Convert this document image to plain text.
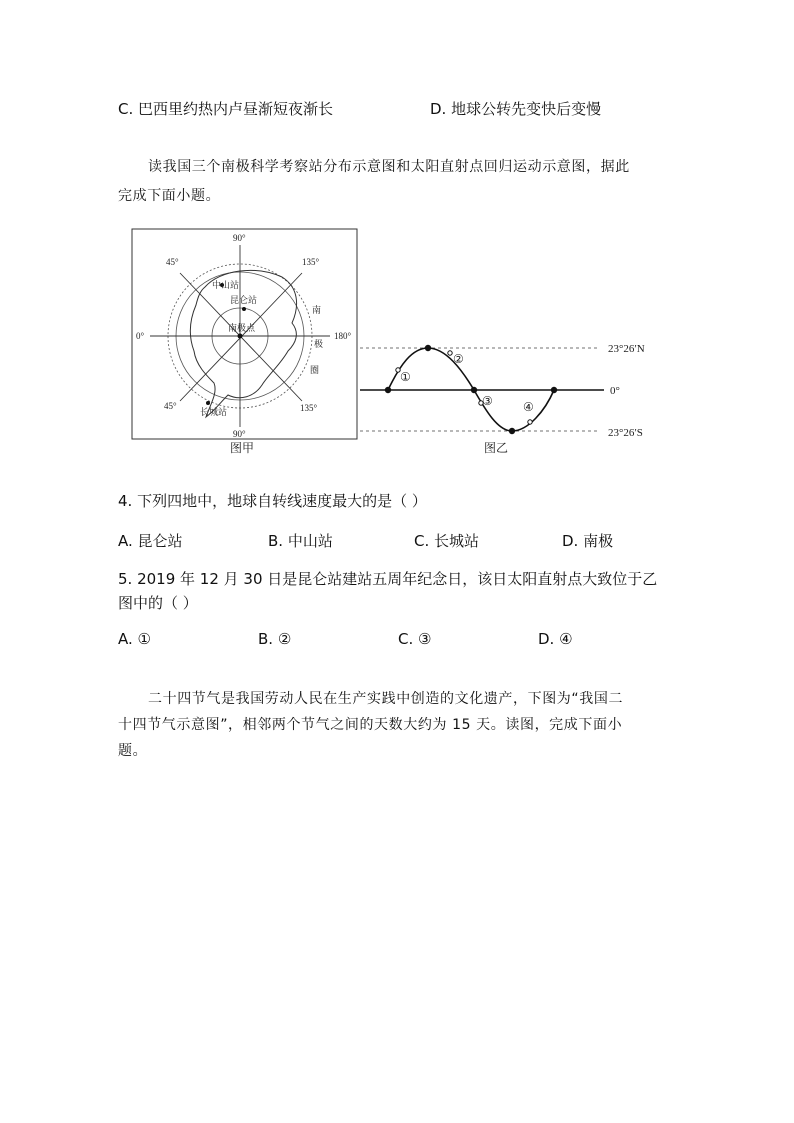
C. 巴西里约热内卢昼渐短夜渐长	D. 地球公转先变快后变慢
读我国三个南极科学考察站分布示意图和太阳直射点回归运动示意图，据此
完成下面小题。
90°
90°
45°
45°
135°
135°
0°	180°
中山站
昆仑站
南极点
长城站
南
极
圈
图甲
①
②
③	④
23°26′N
0°
23°26′S
图乙
4. 下列四地中，地球自转线速度最大的是（ ）
A. 昆仑站	B. 中山站	C. 长城站	D. 南极
5. 2019 年 12 月 30 日是昆仑站建站五周年纪念日，该日太阳直射点大致位于乙
图中的（ ）
A. ①	B. ②	C. ③	D. ④
二十四节气是我国劳动人民在生产实践中创造的文化遗产，下图为“我国二
十四节气示意图”，相邻两个节气之间的天数大约为 15 天。读图，完成下面小
题。
